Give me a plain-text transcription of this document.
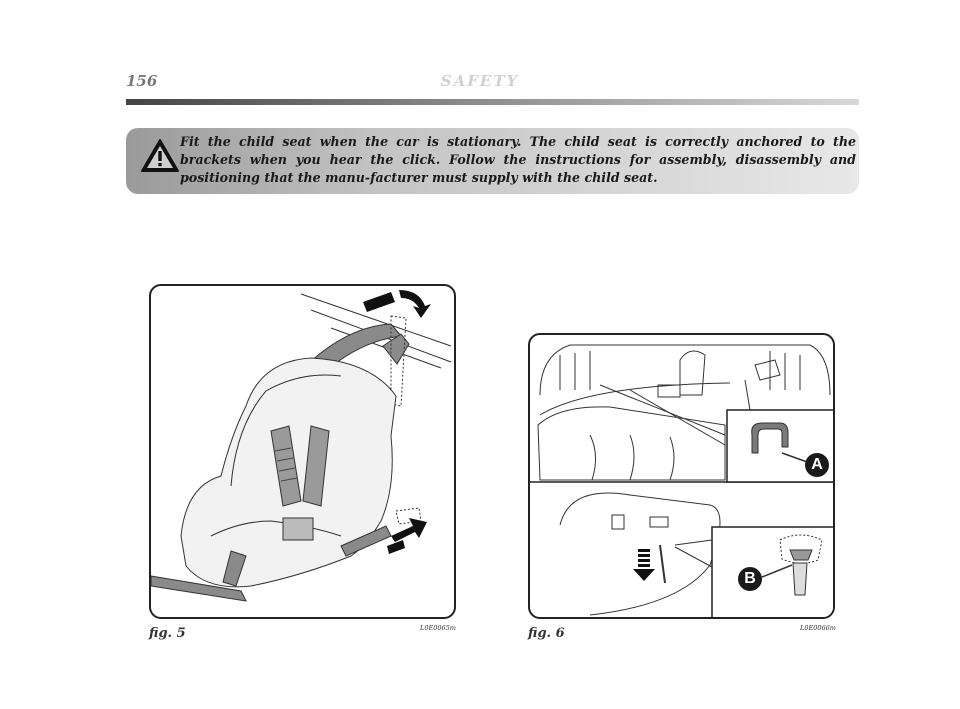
156	SAFETY
Fit the child seat when the car is stationary. The child seat is correctly anchored to the brackets when you hear the click. Follow the instructions for assembly, disassembly and positioning that the manu-facturer must supply with the child seat.
fig. 5	L0E0065m
A
B
fig. 6	L0E0066m
